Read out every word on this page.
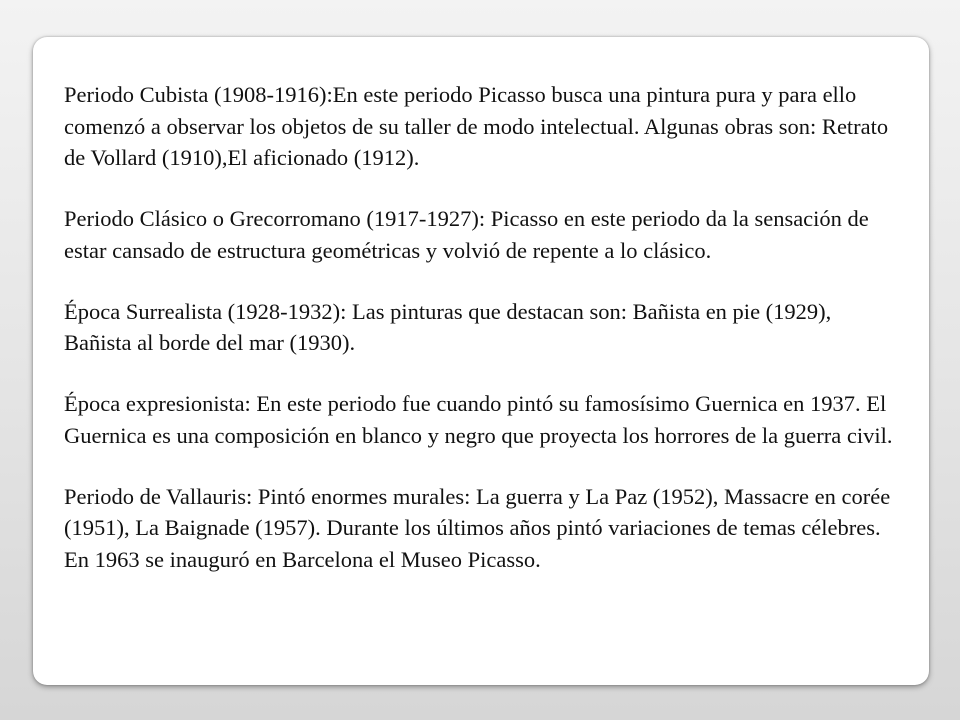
Periodo Cubista (1908-1916):En este periodo Picasso busca una pintura pura y para ello comenzó a observar los objetos de su taller de modo intelectual. Algunas obras son: Retrato de Vollard (1910),El aficionado (1912).

Periodo Clásico o Grecorromano (1917-1927): Picasso en este periodo da la sensación de estar cansado de estructura geométricas y volvió de repente a lo clásico.

Época Surrealista (1928-1932): Las pinturas que destacan son: Bañista en pie (1929), Bañista al borde del mar (1930).

Época expresionista: En este periodo fue cuando pintó su famosísimo Guernica en 1937. El Guernica es una composición en blanco y negro que proyecta los horrores de la guerra civil.

Periodo de Vallauris: Pintó enormes murales: La guerra y La Paz (1952), Massacre en corée (1951), La Baignade (1957). Durante los últimos años pintó variaciones de temas célebres. En 1963 se inauguró en Barcelona el Museo Picasso.
